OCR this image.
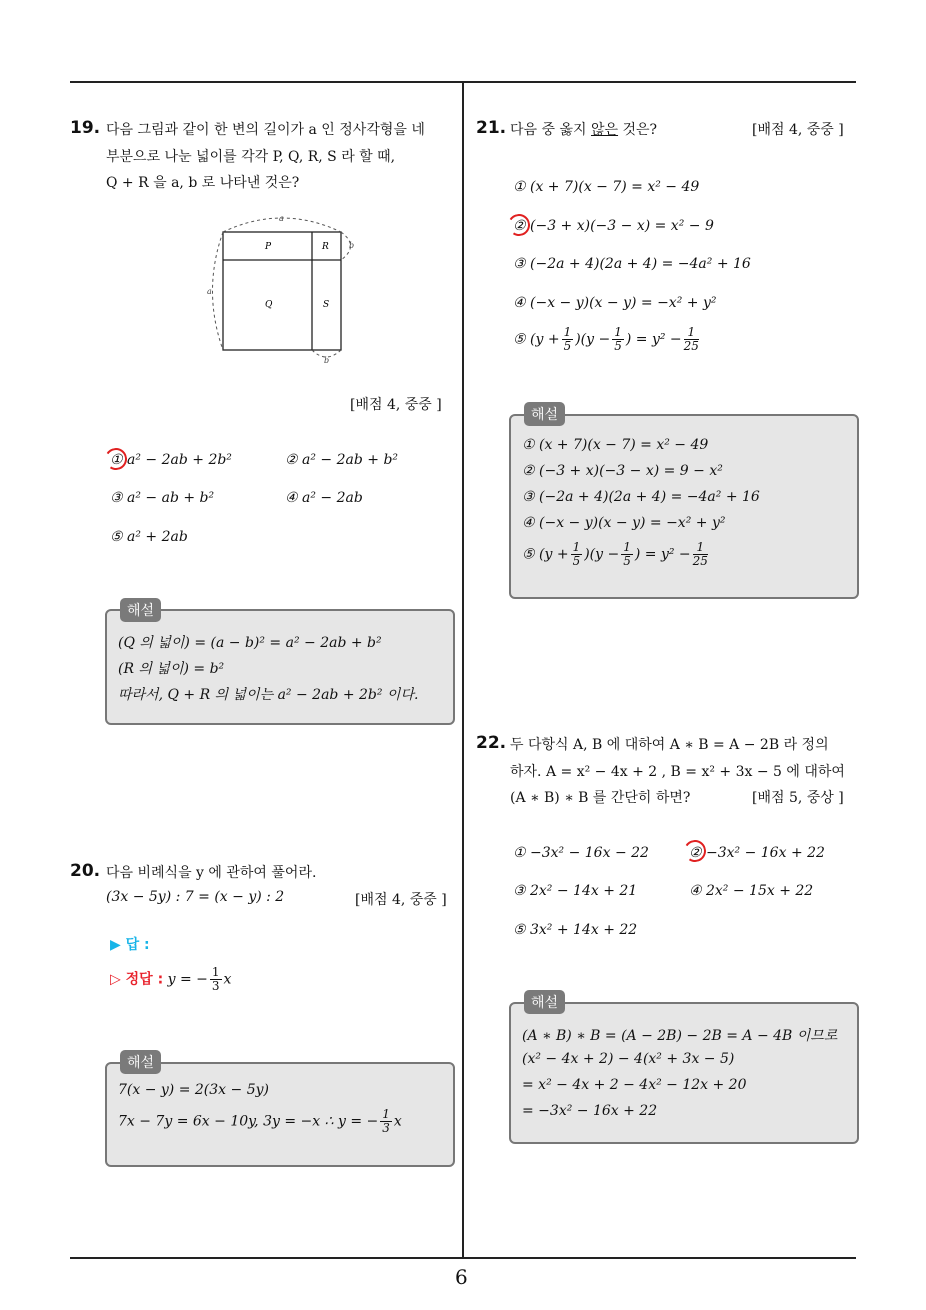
6
19. 다음 그림과 같이 한 변의 길이가 a 인 정사각형을 네
부분으로 나눈 넓이를 각각 P, Q, R, S 라 할 때,
Q + R 을 a, b 로 나타낸 것은?
a
a
b
b
P	R
Q	S
[배점 4, 중중 ]
① a² − 2ab + 2b²	② a² − 2ab + b²
③ a² − ab + b²	④ a² − 2ab
⑤ a² + 2ab
해설
(Q 의 넓이) = (a − b)² = a² − 2ab + b²
(R 의 넓이) = b²
따라서, Q + R 의 넓이는 a² − 2ab + 2b² 이다.
20. 다음 비례식을 y 에 관하여 풀어라.
(3x − 5y) : 7 = (x − y) : 2	[배점 4, 중중 ]
▶ 답 :
▷ 정답 : y = − $\frac{1}{3}$ x
해설
7(x − y) = 2(3x − 5y)
7x − 7y = 6x − 10y, 3y = −x ∴ y = − $\frac{1}{3}$ x
21. 다음 중 옳지 않은 것은?	[배점 4, 중중 ]
① (x + 7)(x − 7) = x² − 49
② (−3 + x)(−3 − x) = x² − 9
③ (−2a + 4)(2a + 4) = −4a² + 16
④ (−x − y)(x − y) = −x² + y²
⑤ $(y + \frac{1}{5} )(y - \frac{1}{5}$ ) = $y^2 - \frac{1}{25}$
해설
① (x + 7)(x − 7) = x² − 49
② (−3 + x)(−3 − x) = 9 − x²
③ (−2a + 4)(2a + 4) = −4a² + 16
④ (−x − y)(x − y) = −x² + y²
⑤ $(y + \frac{1}{5} )(y - \frac{1}{5}$ ) = $y^2 - \frac{1}{25}$
22. 두 다항식 A, B 에 대하여 A ∗ B = A − 2B 라 정의
하자. A = x² − 4x + 2 , B = x² + 3x − 5 에 대하여
(A ∗ B) ∗ B 를 간단히 하면?	[배점 5, 중상 ]
① −3x² − 16x − 22	② −3x² − 16x + 22
③ 2x² − 14x + 21	④ 2x² − 15x + 22
⑤ 3x² + 14x + 22
해설
(A ∗ B) ∗ B = (A − 2B) − 2B = A − 4B 이므로
(x² − 4x + 2) − 4(x² + 3x − 5)
= x² − 4x + 2 − 4x² − 12x + 20
= −3x² − 16x + 22
